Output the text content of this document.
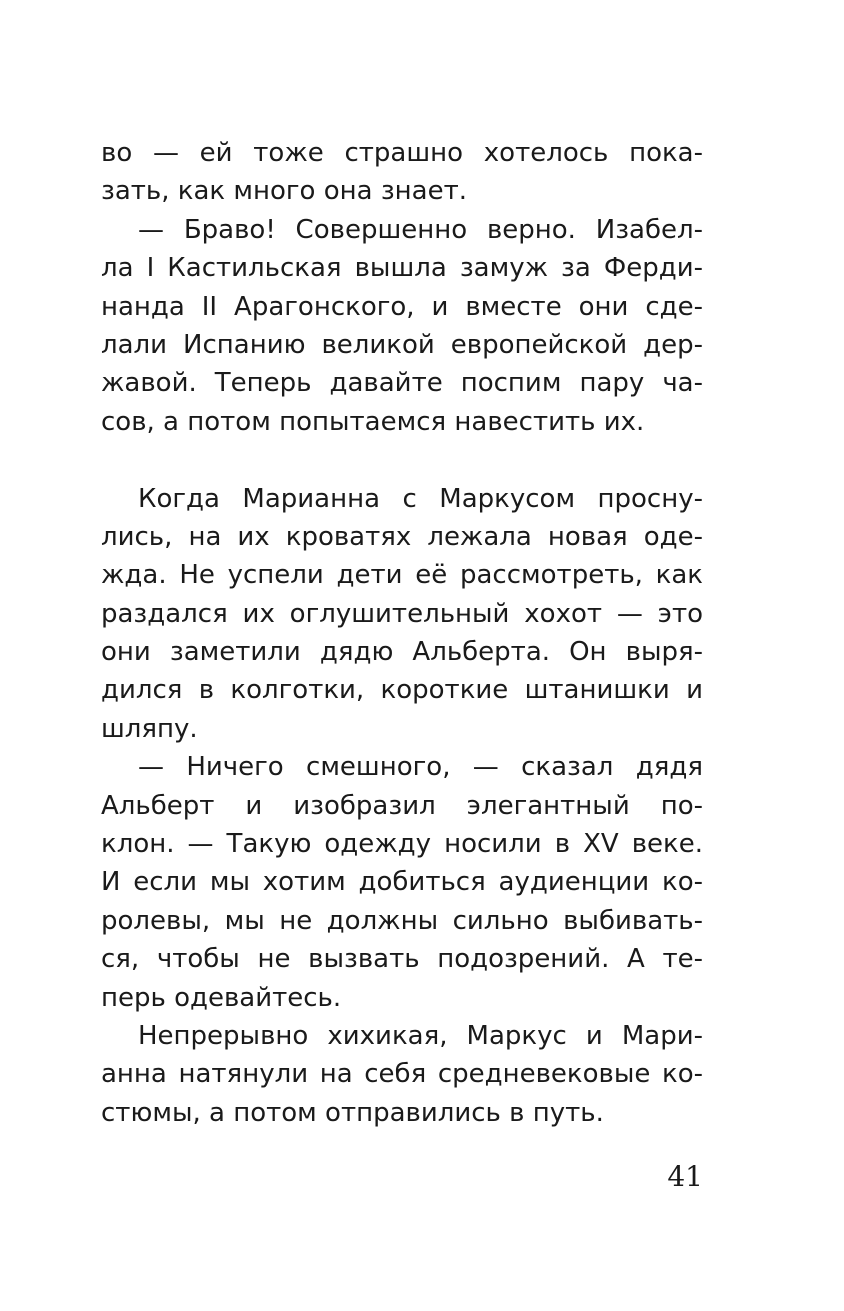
во — ей тоже страшно хотелось пока-
зать, как много она знает.
— Браво! Совершенно верно. Изабел-
ла I Кастильская вышла замуж за Ферди-
нанда II Арагонского, и вместе они сде-
лали Испанию великой европейской дер-
жавой. Теперь давайте поспим пару ча-
сов, а потом попытаемся навестить их.
Когда Марианна с Маркусом просну-
лись, на их кроватях лежала новая оде-
жда. Не успели дети её рассмотреть, как
раздался их оглушительный хохот — это
они заметили дядю Альберта. Он выря-
дился в колготки, короткие штанишки и
шляпу.
— Ничего смешного, — сказал дядя
Альберт и изобразил элегантный по-
клон. — Такую одежду носили в XV веке.
И если мы хотим добиться аудиенции ко-
ролевы, мы не должны сильно выбивать-
ся, чтобы не вызвать подозрений. А те-
перь одевайтесь.
Непрерывно хихикая, Маркус и Мари-
анна натянули на себя средневековые ко-
стюмы, а потом отправились в путь.
41
